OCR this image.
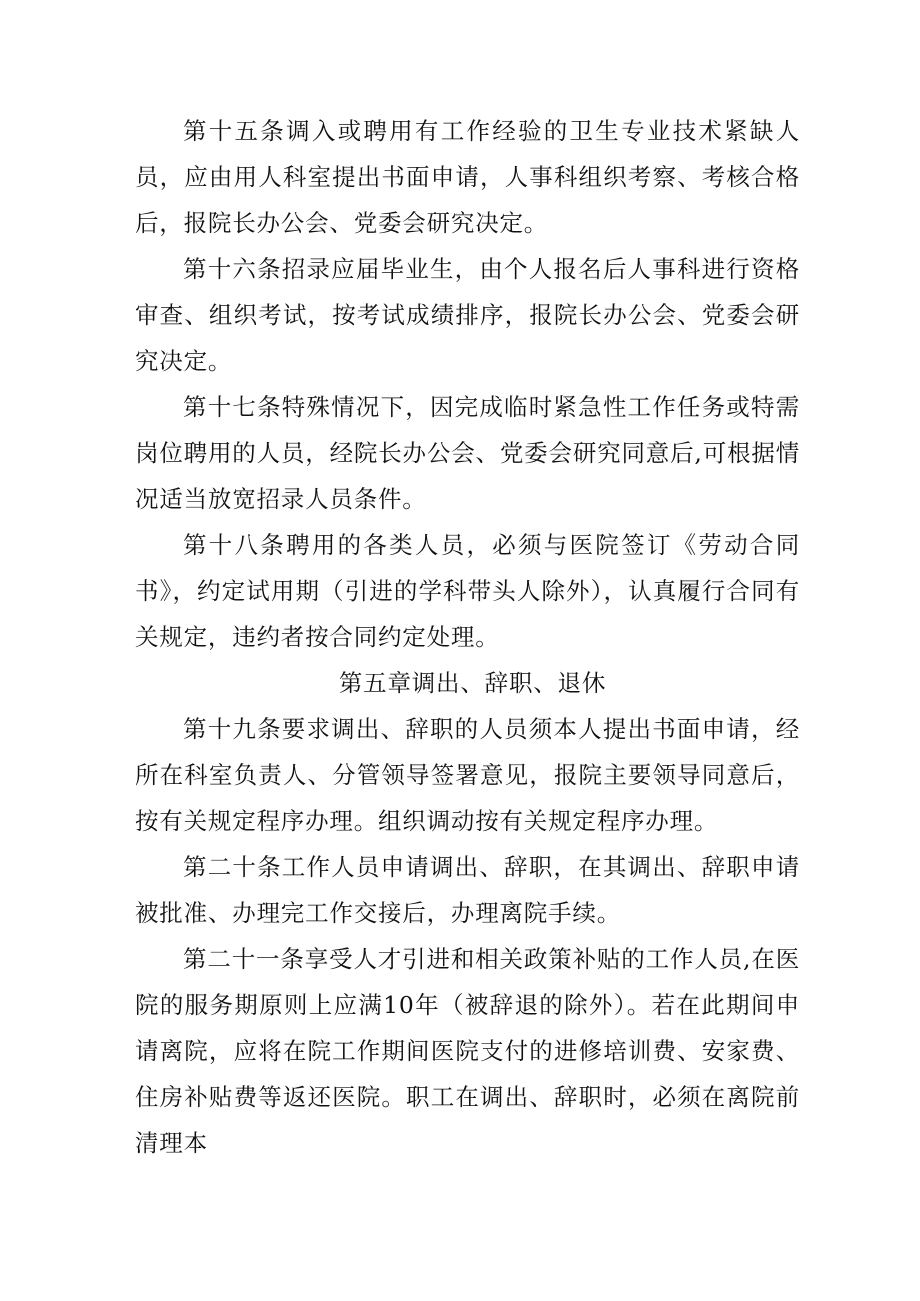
第十五条调入或聘用有工作经验的卫生专业技术紧缺人员，应由用人科室提出书面申请，人事科组织考察、考核合格后，报院长办公会、党委会研究决定。

第十六条招录应届毕业生，由个人报名后人事科进行资格审查、组织考试，按考试成绩排序，报院长办公会、党委会研究决定。

第十七条特殊情况下，因完成临时紧急性工作任务或特需岗位聘用的人员，经院长办公会、党委会研究同意后,可根据情况适当放宽招录人员条件。

第十八条聘用的各类人员，必须与医院签订《劳动合同书》，约定试用期（引进的学科带头人除外），认真履行合同有关规定，违约者按合同约定处理。

第五章调出、辞职、退休

第十九条要求调出、辞职的人员须本人提出书面申请，经所在科室负责人、分管领导签署意见，报院主要领导同意后，按有关规定程序办理。组织调动按有关规定程序办理。

第二十条工作人员申请调出、辞职，在其调出、辞职申请被批准、办理完工作交接后，办理离院手续。

第二十一条享受人才引进和相关政策补贴的工作人员,在医院的服务期原则上应满10年（被辞退的除外）。若在此期间申请离院，应将在院工作期间医院支付的进修培训费、安家费、住房补贴费等返还医院。职工在调出、辞职时，必须在离院前清理本
